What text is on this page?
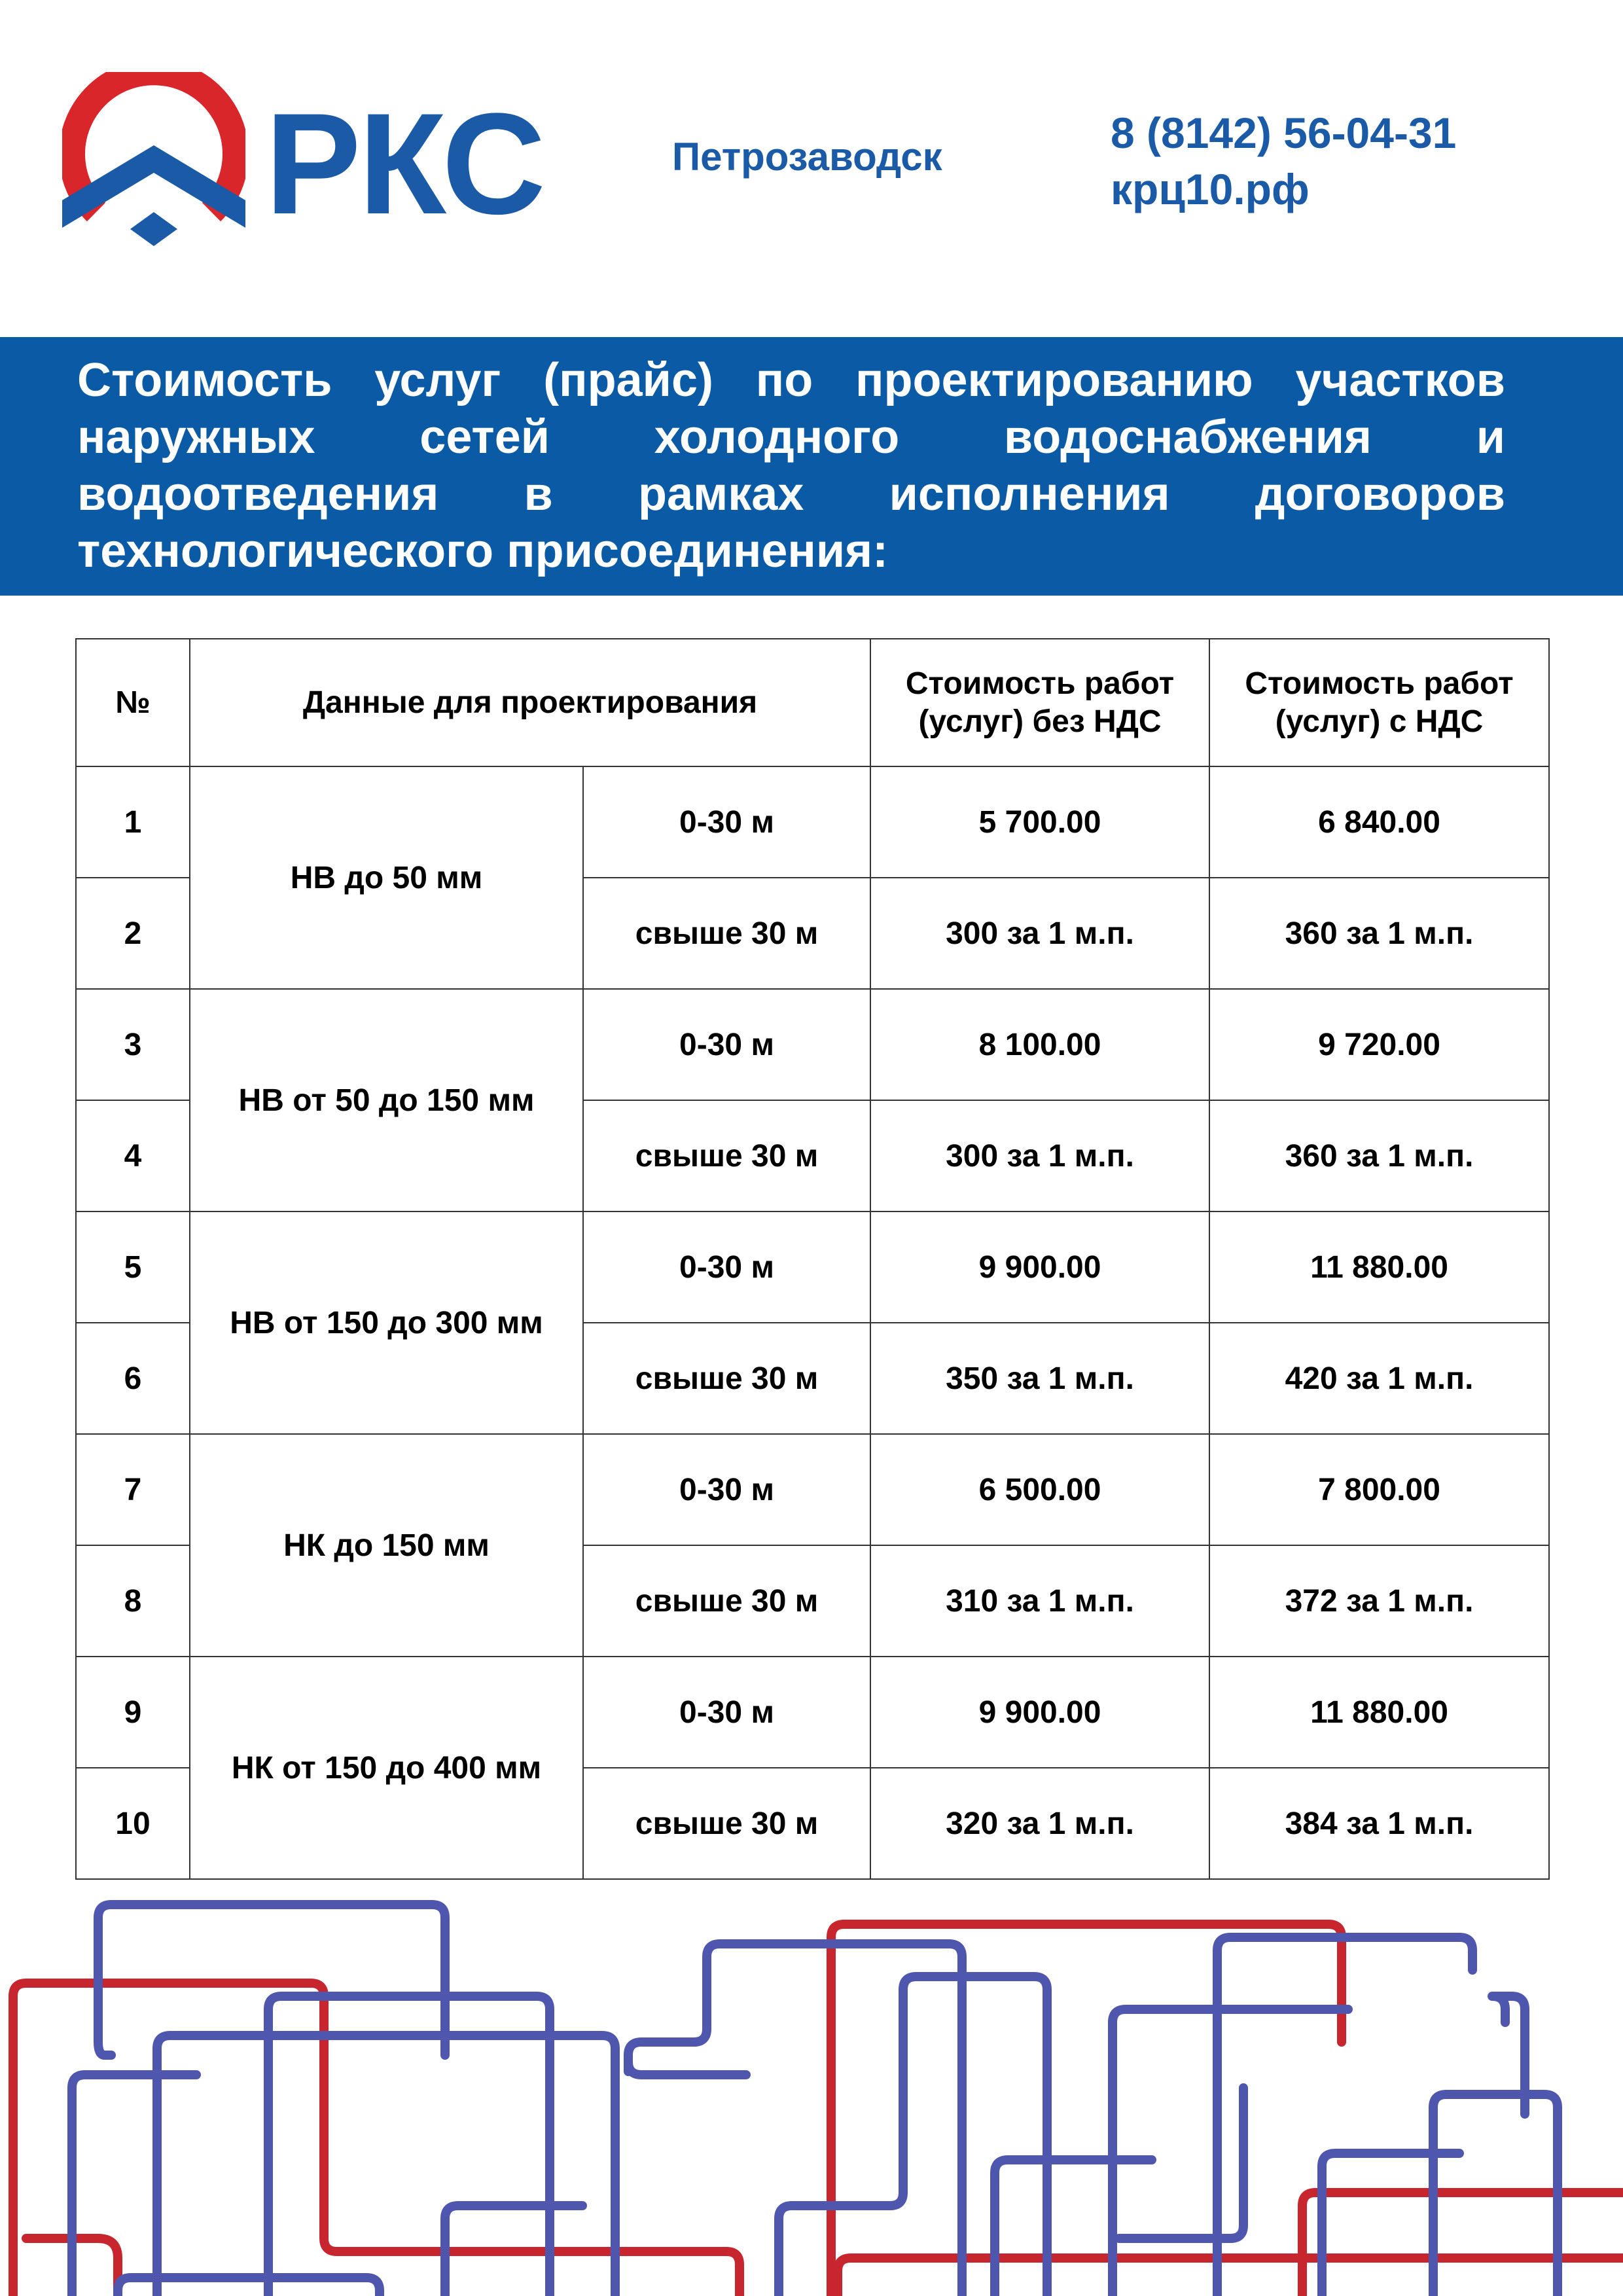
РКС	Петрозаводск	8 (8142) 56-04-31
крц10.рф

Стоимость услуг (прайс) по проектированию участков наружных сетей холодного водоснабжения и водоотведения в рамках исполнения договоров технологического присоединения:

№	Данные для проектирования		Стоимость работ (услуг) без НДС	Стоимость работ (услуг) с НДС
1	НВ до 50 мм	0-30 м	5 700.00	6 840.00
2		свыше 30 м	300 за 1 м.п.	360 за 1 м.п.
3	НВ от 50 до 150 мм	0-30 м	8 100.00	9 720.00
4		свыше 30 м	300 за 1 м.п.	360 за 1 м.п.
5	НВ от 150 до 300 мм	0-30 м	9 900.00	11 880.00
6		свыше 30 м	350 за 1 м.п.	420 за 1 м.п.
7	НК до 150 мм	0-30 м	6 500.00	7 800.00
8		свыше 30 м	310 за 1 м.п.	372 за 1 м.п.
9	НК от 150 до 400 мм	0-30 м	9 900.00	11 880.00
10		свыше 30 м	320 за 1 м.п.	384 за 1 м.п.
